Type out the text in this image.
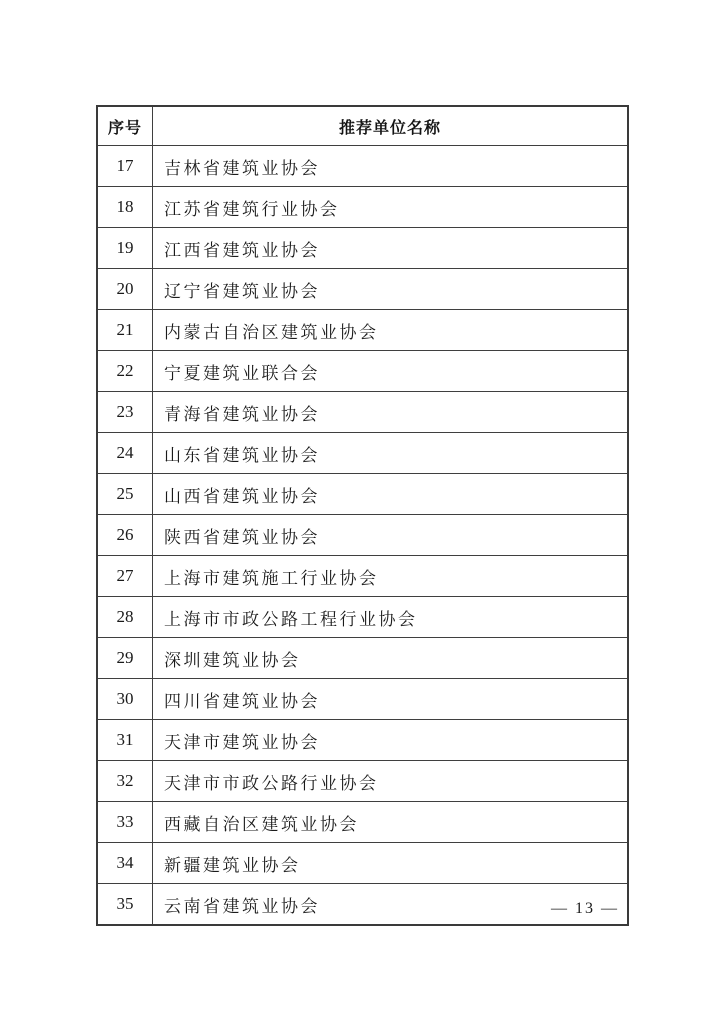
序号	推荐单位名称
17	吉林省建筑业协会
18	江苏省建筑行业协会
19	江西省建筑业协会
20	辽宁省建筑业协会
21	内蒙古自治区建筑业协会
22	宁夏建筑业联合会
23	青海省建筑业协会
24	山东省建筑业协会
25	山西省建筑业协会
26	陕西省建筑业协会
27	上海市建筑施工行业协会
28	上海市市政公路工程行业协会
29	深圳建筑业协会
30	四川省建筑业协会
31	天津市建筑业协会
32	天津市市政公路行业协会
33	西藏自治区建筑业协会
34	新疆建筑业协会
35	云南省建筑业协会	— 13 —
